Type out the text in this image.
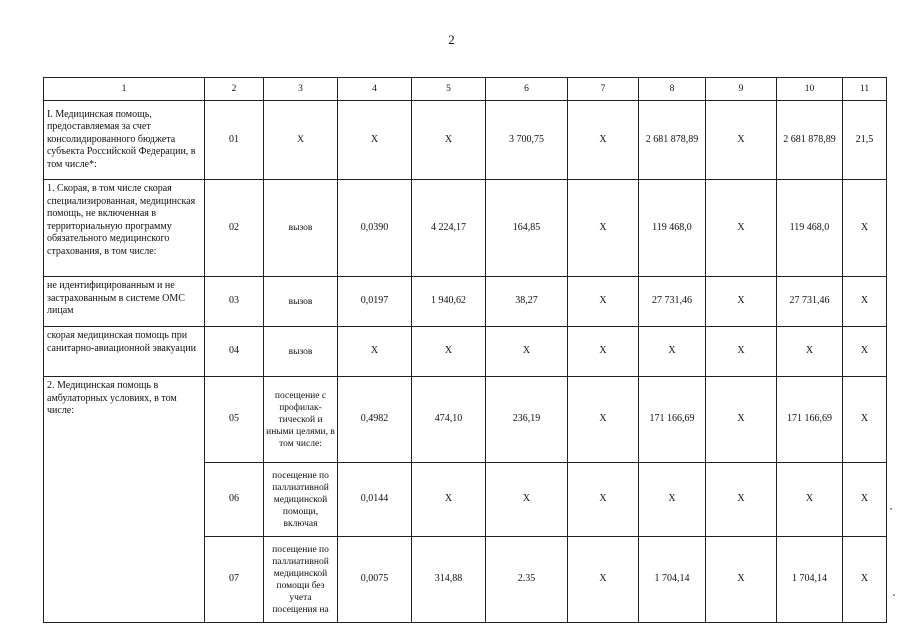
2
1	2	3	4	5	6	7	8	9	10	11
I. Медицинская помощь, предоставляемая за счет консолидированного бюджета субъекта Российской Федерации, в том числе*:	01	Х	Х	Х	3 700,75	Х	2 681 878,89	Х	2 681 878,89	21,5
1. Скорая, в том числе скорая специализированная, медицинская помощь, не включенная в территориальную программу обязательного медицинского страхования, в том числе:	02	вызов	0,0390	4 224,17	164,85	Х	119 468,0	Х	119 468,0	Х
не идентифицированным и не застрахованным в системе ОМС лицам	03	вызов	0,0197	1 940,62	38,27	Х	27 731,46	Х	27 731,46	Х
скорая медицинская помощь при санитарно-авиационной эвакуации	04	вызов	Х	Х	Х	Х	Х	Х	Х	Х
2. Медицинская помощь в амбулаторных условиях, в том числе:	05	посещение с профилак-тической и иными целями, в том числе:	0,4982	474,10	236,19	Х	171 166,69	Х	171 166,69	Х
	06	посещение по паллиативной медицинской помощи, включая	0,0144	Х	Х	Х	Х	Х	Х	Х
	07	посещение по паллиативной медицинской помощи без учета посещения на	0,0075	314,88	2.35	Х	1 704,14	Х	1 704,14	Х
